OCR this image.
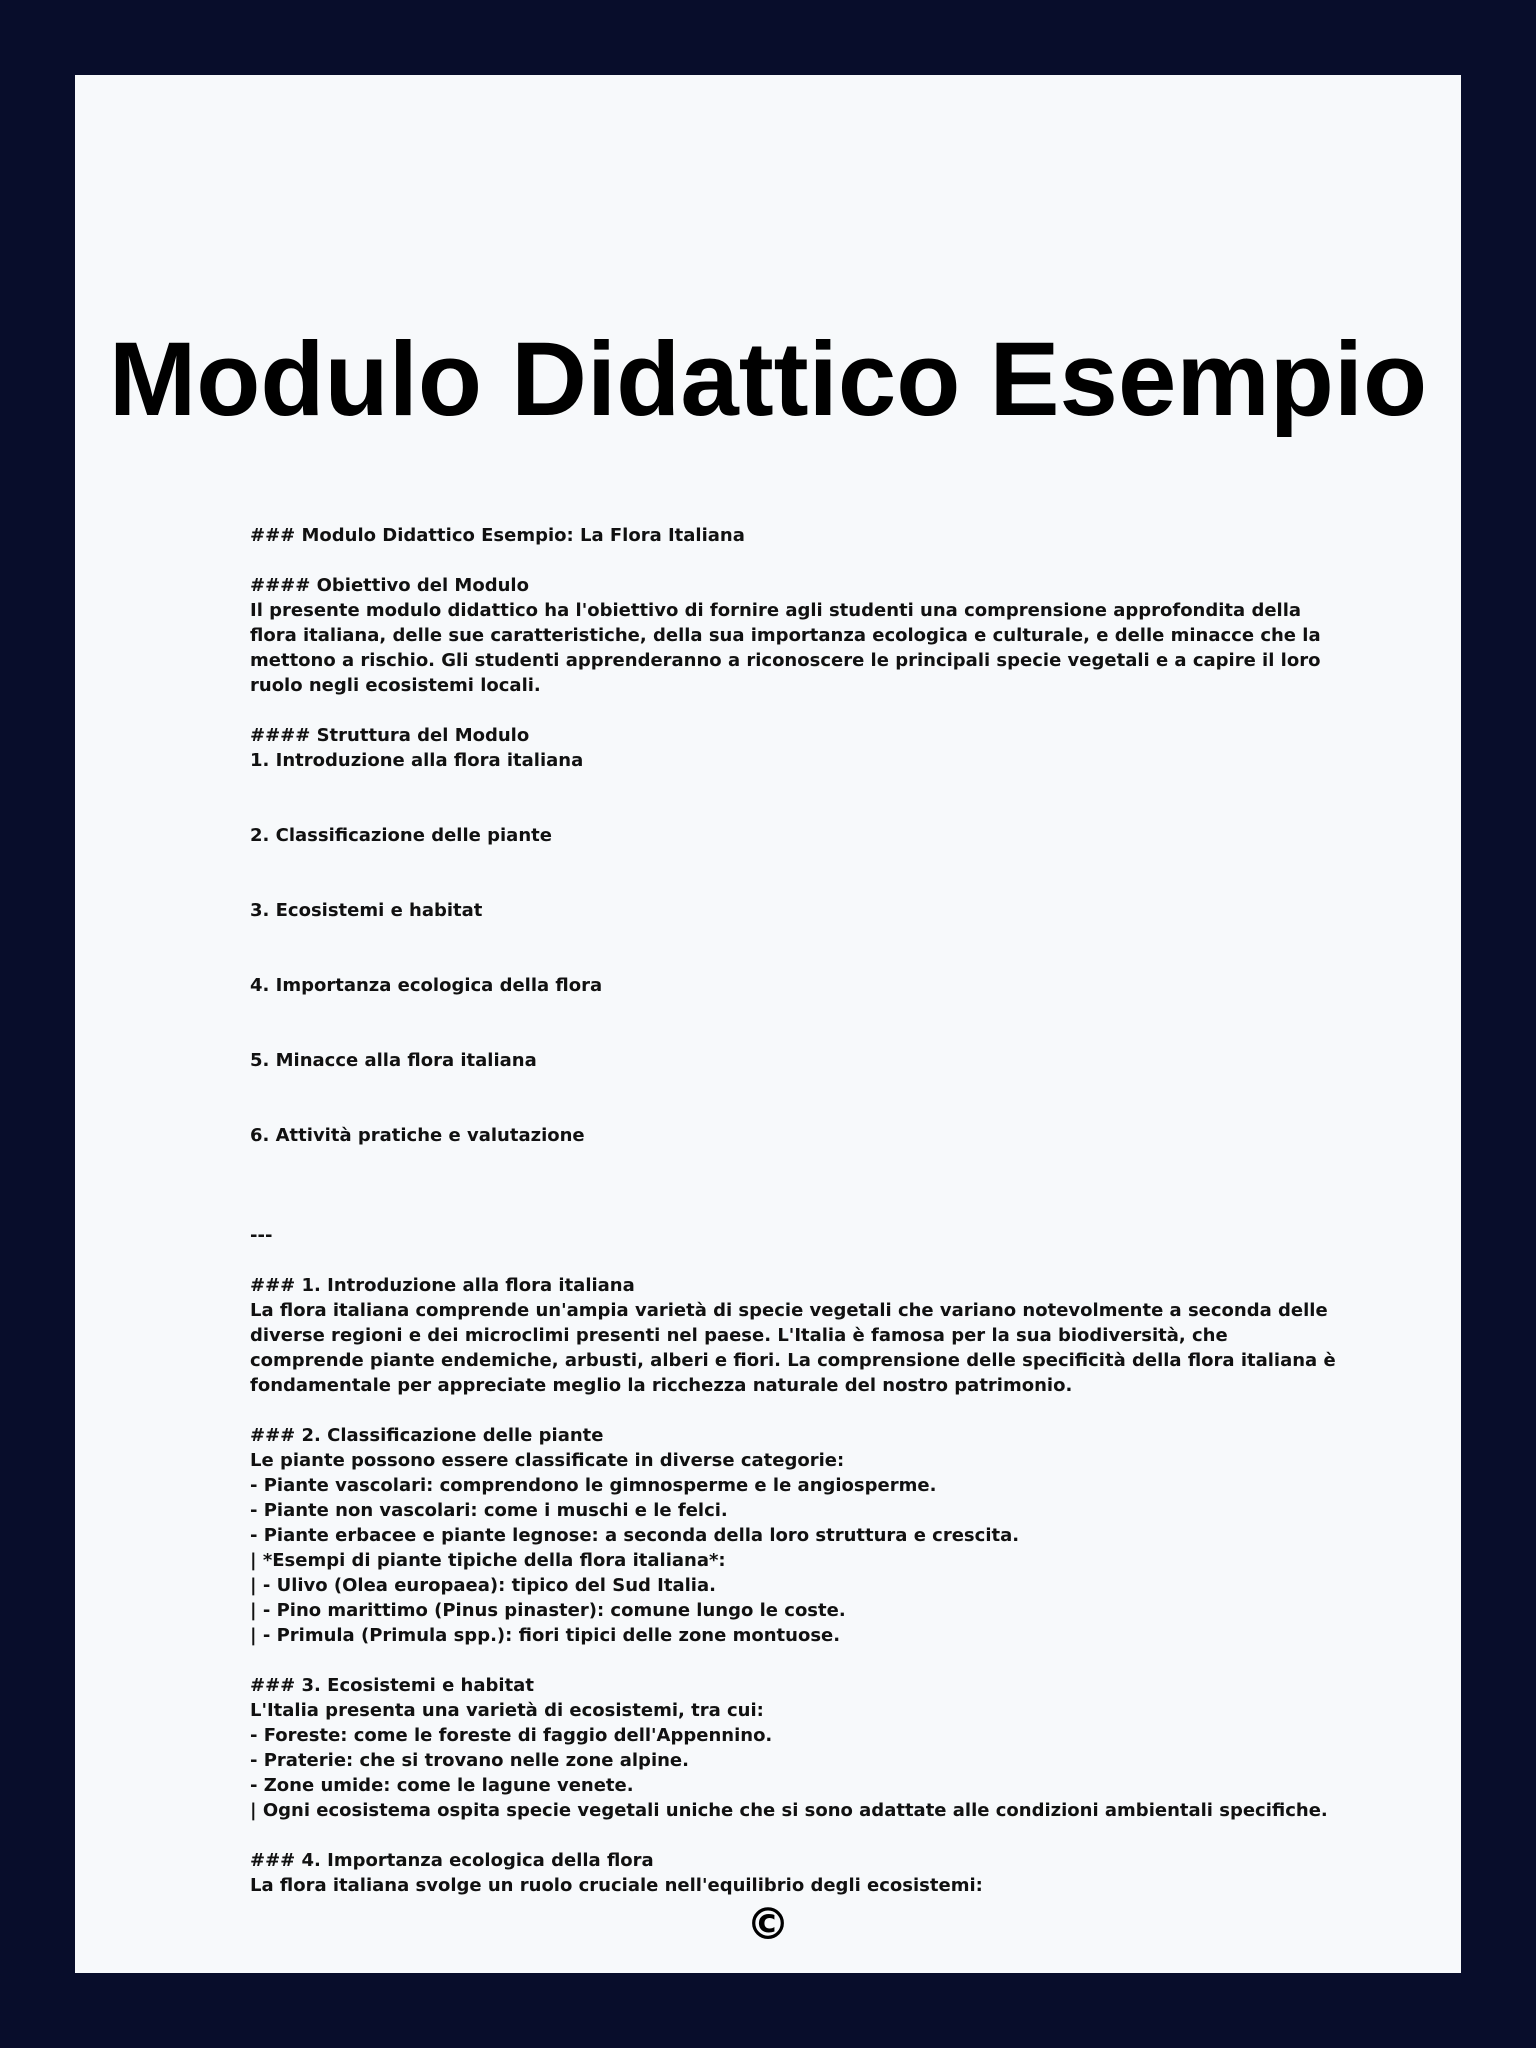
Modulo Didattico Esempio
### Modulo Didattico Esempio: La Flora Italiana
#### Obiettivo del Modulo
Il presente modulo didattico ha l'obiettivo di fornire agli studenti una comprensione approfondita della
flora italiana, delle sue caratteristiche, della sua importanza ecologica e culturale, e delle minacce che la
mettono a rischio. Gli studenti apprenderanno a riconoscere le principali specie vegetali e a capire il loro
ruolo negli ecosistemi locali.
#### Struttura del Modulo
1. Introduzione alla flora italiana
2. Classificazione delle piante
3. Ecosistemi e habitat
4. Importanza ecologica della flora
5. Minacce alla flora italiana
6. Attività pratiche e valutazione
---
### 1. Introduzione alla flora italiana
La flora italiana comprende un'ampia varietà di specie vegetali che variano notevolmente a seconda delle
diverse regioni e dei microclimi presenti nel paese. L'Italia è famosa per la sua biodiversità, che
comprende piante endemiche, arbusti, alberi e fiori. La comprensione delle specificità della flora italiana è
fondamentale per appreciate meglio la ricchezza naturale del nostro patrimonio.
### 2. Classificazione delle piante
Le piante possono essere classificate in diverse categorie:
- Piante vascolari: comprendono le gimnosperme e le angiosperme.
- Piante non vascolari: come i muschi e le felci.
- Piante erbacee e piante legnose: a seconda della loro struttura e crescita.
| *Esempi di piante tipiche della flora italiana*:
| - Ulivo (Olea europaea): tipico del Sud Italia.
| - Pino marittimo (Pinus pinaster): comune lungo le coste.
| - Primula (Primula spp.): fiori tipici delle zone montuose.
### 3. Ecosistemi e habitat
L'Italia presenta una varietà di ecosistemi, tra cui:
- Foreste: come le foreste di faggio dell'Appennino.
- Praterie: che si trovano nelle zone alpine.
- Zone umide: come le lagune venete.
| Ogni ecosistema ospita specie vegetali uniche che si sono adattate alle condizioni ambientali specifiche.
### 4. Importanza ecologica della flora
La flora italiana svolge un ruolo cruciale nell'equilibrio degli ecosistemi:
©
